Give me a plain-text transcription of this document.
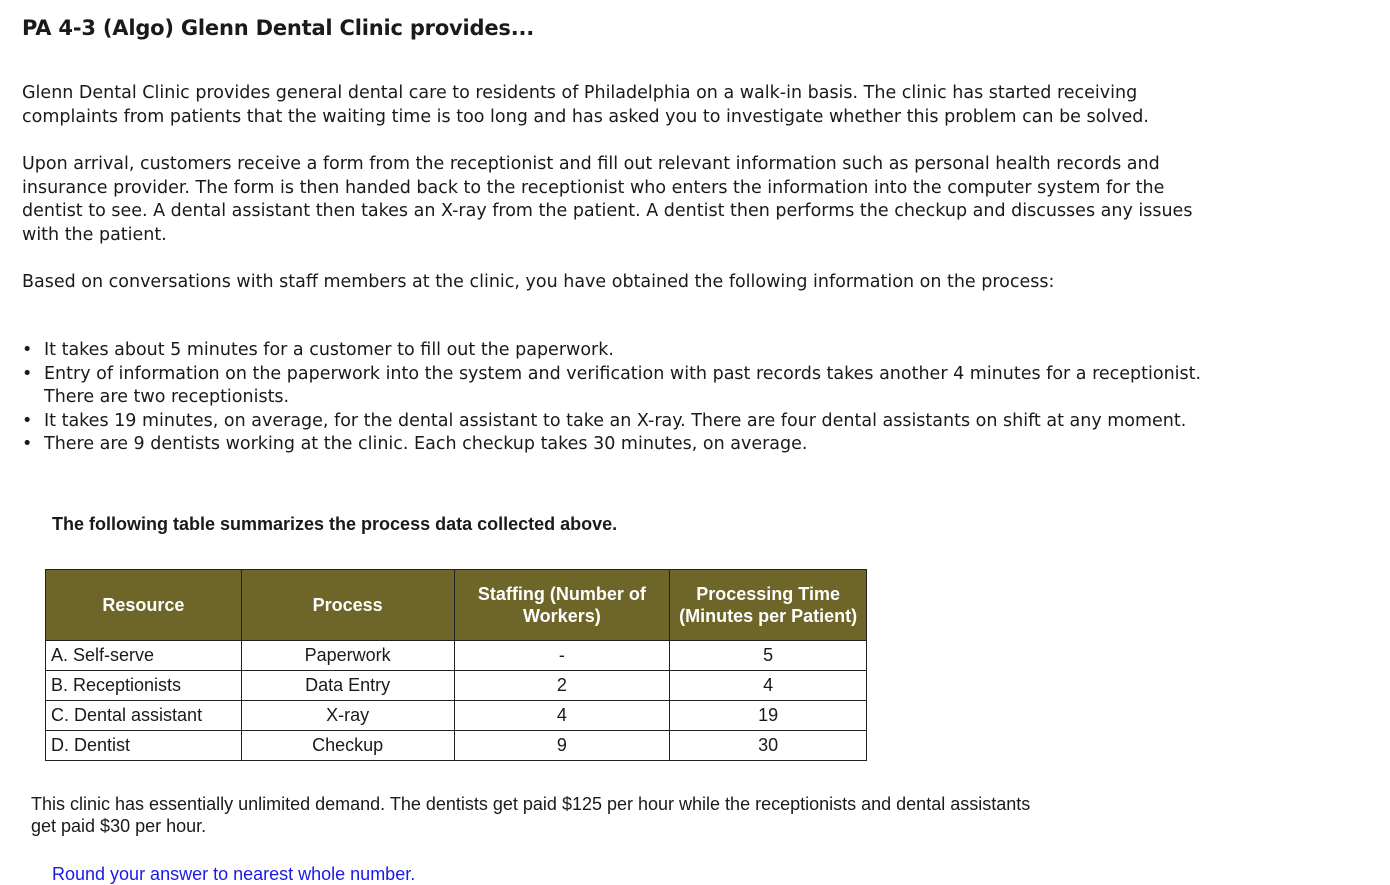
PA 4-3 (Algo) Glenn Dental Clinic provides...

Glenn Dental Clinic provides general dental care to residents of Philadelphia on a walk-in basis. The clinic has started receiving complaints from patients that the waiting time is too long and has asked you to investigate whether this problem can be solved.

Upon arrival, customers receive a form from the receptionist and fill out relevant information such as personal health records and insurance provider. The form is then handed back to the receptionist who enters the information into the computer system for the dentist to see. A dental assistant then takes an X-ray from the patient. A dentist then performs the checkup and discusses any issues with the patient.

Based on conversations with staff members at the clinic, you have obtained the following information on the process:

• It takes about 5 minutes for a customer to fill out the paperwork.
• Entry of information on the paperwork into the system and verification with past records takes another 4 minutes for a receptionist. There are two receptionists.
• It takes 19 minutes, on average, for the dental assistant to take an X-ray. There are four dental assistants on shift at any moment.
• There are 9 dentists working at the clinic. Each checkup takes 30 minutes, on average.

The following table summarizes the process data collected above.

Resource	Process	Staffing (Number of Workers)	Processing Time (Minutes per Patient)
A. Self-serve	Paperwork	-	5
B. Receptionists	Data Entry	2	4
C. Dental assistant	X-ray	4	19
D. Dentist	Checkup	9	30

This clinic has essentially unlimited demand. The dentists get paid $125 per hour while the receptionists and dental assistants get paid $30 per hour.

Round your answer to nearest whole number.
